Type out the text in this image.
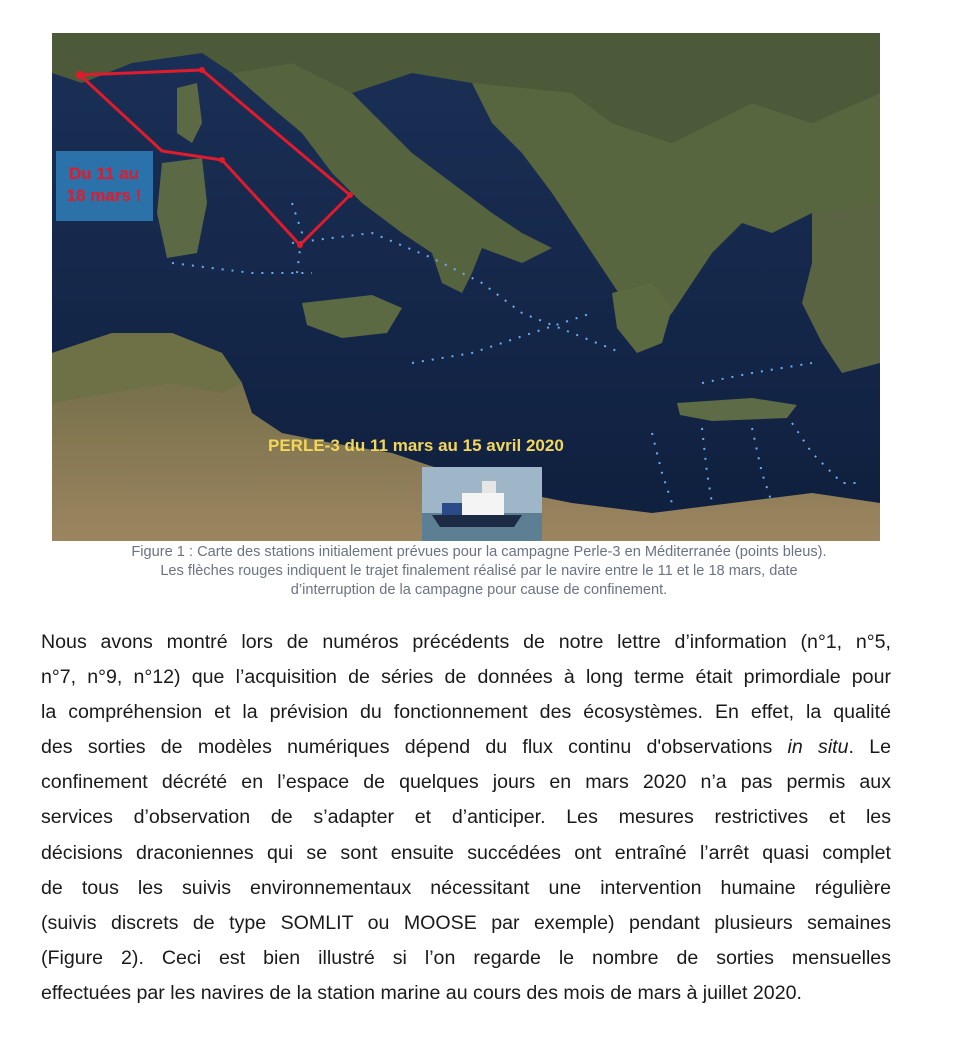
Du 11 au
18 mars !
PERLE-3 du 11 mars au 15 avril 2020
Figure 1 : Carte des stations initialement prévues pour la campagne Perle-3 en Méditerranée (points bleus).
Les flèches rouges indiquent le trajet finalement réalisé par le navire entre le 11 et le 18 mars, date
d’interruption de la campagne pour cause de confinement.
Nous avons montré lors de numéros précédents de notre lettre d’information (n°1, n°5,
n°7, n°9, n°12) que l’acquisition de séries de données à long terme était primordiale pour
la compréhension et la prévision du fonctionnement des écosystèmes. En effet, la qualité
des sorties de modèles numériques dépend du flux continu d'observations in situ. Le
confinement décrété en l’espace de quelques jours en mars 2020 n’a pas permis aux
services d’observation de s’adapter et d’anticiper. Les mesures restrictives et les
décisions draconiennes qui se sont ensuite succédées ont entraîné l’arrêt quasi complet
de tous les suivis environnementaux nécessitant une intervention humaine régulière
(suivis discrets de type SOMLIT ou MOOSE par exemple) pendant plusieurs semaines
(Figure 2). Ceci est bien illustré si l’on regarde le nombre de sorties mensuelles
effectuées par les navires de la station marine au cours des mois de mars à juillet 2020.
